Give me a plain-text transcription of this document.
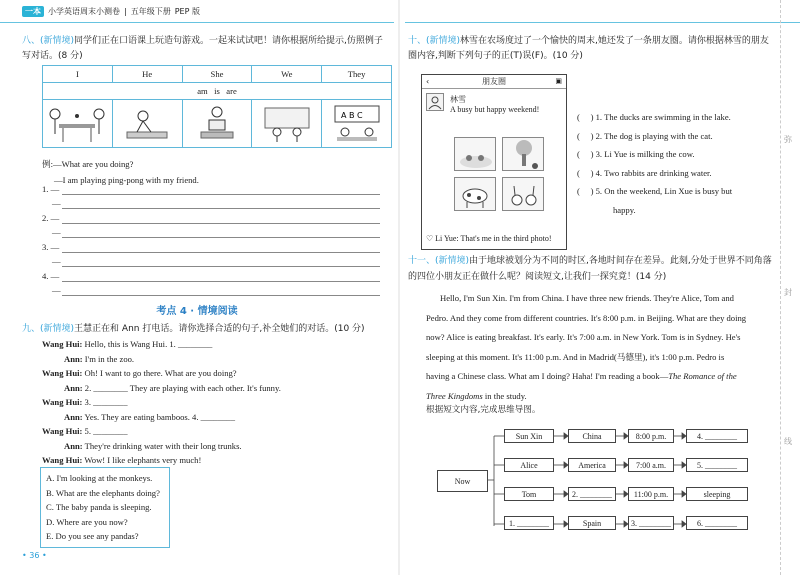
一本 小学英语周末小测卷 | 五年级下册 PEP 版
八、(新情境)同学们正在口语课上玩造句游戏。一起来试试吧！请你根据所给提示,仿照例子写对话。(8 分)
I	He	She	We	They
am   is   are				

A B C
例:—What are you doing?
—I am playing ping-pong with my friend.
1. —
—
2. —
—
3. —
—
4. —
—
考点 4 · 情境阅读
九、(新情境)王慧正在和 Ann 打电话。请你选择合适的句子,补全她们的对话。(10 分)
Wang Hui: Hello, this is Wang Hui. 1. ________
Ann: I'm in the zoo.
Wang Hui: Oh! I want to go there. What are you doing?
Ann: 2. ________ They are playing with each other. It's funny.
Wang Hui: 3. ________
Ann: Yes. They are eating bamboos. 4. ________
Wang Hui: 5. ________
Ann: They're drinking water with their long trunks.
Wang Hui: Wow! I like elephants very much!
A. I'm looking at the monkeys.
B. What are the elephants doing?
C. The baby panda is sleeping.
D. Where are you now?
E. Do you see any pandas?
• 36 •
十、(新情境)林雪在农场度过了一个愉快的周末,她还发了一条朋友圈。请你根据林雪的朋友圈内容,判断下列句子的正(T)误(F)。(10 分)
‹	朋友圈	▣
林雪
A busy but happy weekend!
♡ Li Yue: That's me in the third photo!
(     ) 1. The ducks are swimming in the lake.
(     ) 2. The dog is playing with the cat.
(     ) 3. Li Yue is milking the cow.
(     ) 4. Two rabbits are drinking water.
(     ) 5. On the weekend, Lin Xue is busy but
happy.
十一、(新情境)由于地球被划分为不同的时区,各地时间存在差异。此刻,分处于世界不同角落的四位小朋友正在做什么呢？阅读短文,让我们一探究竟！(14 分)
Hello, I'm Sun Xin. I'm from China. I have three new friends. They're Alice, Tom and
Pedro. And they come from different countries. It's 8:00 p.m. in Beijing. What are they doing
now? Alice is eating breakfast. It's early. It's 7:00 a.m. in New York. Tom is in Sydney. He's
sleeping at this moment. It's 11:00 p.m. And in Madrid(马德里), it's 1:00 p.m. Pedro is
having a Chinese class. What am I doing? Haha! I'm reading a book—The Romance of the
Three Kingdoms in the study.
根据短文内容,完成思维导图。
Now
Sun Xin	China	8:00 p.m.	4. ________
Alice	America	7:00 a.m.	5. ________
Tom	2. ________	11:00 p.m.	sleeping
1. ________	Spain	3. ________	6. ________
弥
封
线
